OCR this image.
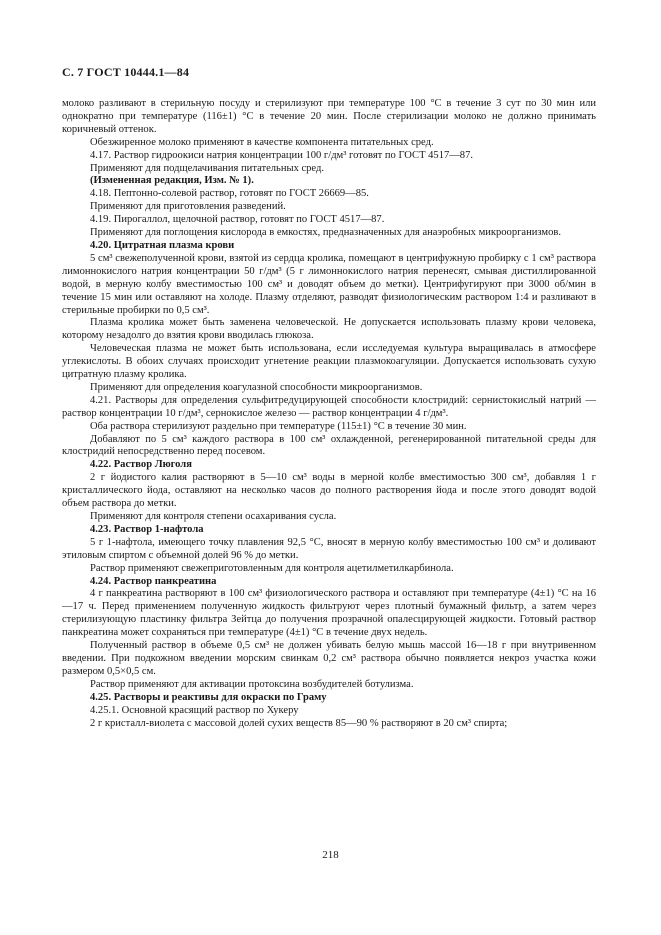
С. 7 ГОСТ 10444.1—84

молоко разливают в стерильную посуду и стерилизуют при температуре 100 °С в течение 3 сут по 30 мин или однократно при температуре (116±1) °С в течение 20 мин. После стерилизации молоко не должно принимать коричневый оттенок.

Обезжиренное молоко применяют в качестве компонента питательных сред.

4.17. Раствор гидроокиси натрия концентрации 100 г/дм³ готовят по ГОСТ 4517—87.

Применяют для подщелачивания питательных сред.

(Измененная редакция, Изм. № 1).

4.18. Пептонно-солевой раствор, готовят по ГОСТ 26669—85.

Применяют для приготовления разведений.

4.19. Пирогаллол, щелочной раствор, готовят по ГОСТ 4517—87.

Применяют для поглощения кислорода в емкостях, предназначенных для анаэробных микроорганизмов.

4.20. Цитратная плазма крови

5 см³ свежеполученной крови, взятой из сердца кролика, помещают в центрифужную пробирку с 1 см³ раствора лимоннокислого натрия концентрации 50 г/дм³ (5 г лимоннокислого натрия перенесят, смывая дистиллированной водой, в мерную колбу вместимостью 100 см³ и доводят объем до метки). Центрифугируют при 3000 об/мин в течение 15 мин или оставляют на холоде. Плазму отделяют, разводят физиологическим раствором 1:4 и разливают в стерильные пробирки по 0,5 см³.

Плазма кролика может быть заменена человеческой. Не допускается использовать плазму крови человека, которому незадолго до взятия крови вводилась глюкоза.

Человеческая плазма не может быть использована, если исследуемая культура выращивалась в атмосфере углекислоты. В обоих случаях происходит угнетение реакции плазмокоагуляции. Допускается использовать сухую цитратную плазму кролика.

Применяют для определения коагулазной способности микроорганизмов.

4.21. Растворы для определения сульфитредуцирующей способности клостридий: сернистокислый натрий — раствор концентрации 10 г/дм³, сернокислое железо — раствор концентрации 4 г/дм³.

Оба раствора стерилизуют раздельно при температуре (115±1) °С в течение 30 мин.

Добавляют по 5 см³ каждого раствора в 100 см³ охлажденной, регенерированной питательной среды для клостридий непосредственно перед посевом.

4.22. Раствор Люголя

2 г йодистого калия растворяют в 5—10 см³ воды в мерной колбе вместимостью 300 см³, добавляя 1 г кристаллического йода, оставляют на несколько часов до полного растворения йода и после этого доводят водой объем раствора до метки.

Применяют для контроля степени осахаривания сусла.

4.23. Раствор 1-нафтола

5 г 1-нафтола, имеющего точку плавления 92,5 °С, вносят в мерную колбу вместимостью 100 см³ и доливают этиловым спиртом с объемной долей 96 % до метки.

Раствор применяют свежеприготовленным для контроля ацетилметилкарбинола.

4.24. Раствор панкреатина

4 г панкреатина растворяют в 100 см³ физиологического раствора и оставляют при температуре (4±1) °С на 16—17 ч. Перед применением полученную жидкость фильтруют через плотный бумажный фильтр, а затем через стерилизующую пластинку фильтра Зейтца до получения прозрачной опалесцирующей жидкости. Готовый раствор панкреатина может сохраняться при температуре (4±1) °С в течение двух недель.

Полученный раствор в объеме 0,5 см³ не должен убивать белую мышь массой 16—18 г при внутривенном введении. При подкожном введении морским свинкам 0,2 см³ раствора обычно появляется некроз участка кожи размером 0,5×0,5 см.

Раствор применяют для активации протоксина возбудителей ботулизма.

4.25. Растворы и реактивы для окраски по Граму

4.25.1. Основной красящий раствор по Хукеру

2 г кристалл-виолета с массовой долей сухих веществ 85—90 % растворяют в 20 см³ спирта;

218
